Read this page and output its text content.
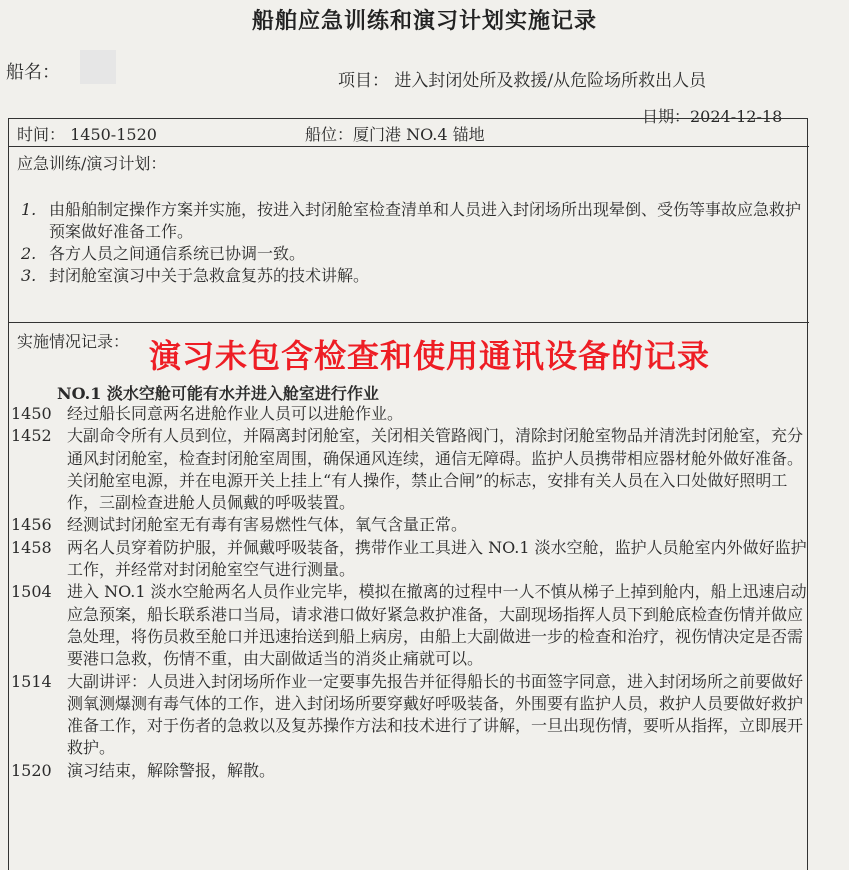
船舶应急训练和演习计划实施记录
船名：	项目： 进入封闭处所及救援/从危险场所救出人员
日期：2024-12-18
时间： 1450-1520	船位：厦门港 NO.4 锚地
应急训练/演习计划：
1. 由船舶制定操作方案并实施，按进入封闭舱室检查清单和人员进入封闭场所出现晕倒、受伤等事故应急救护预案做好准备工作。
2. 各方人员之间通信系统已协调一致。
3. 封闭舱室演习中关于急救盒复苏的技术讲解。
实施情况记录： 演习未包含检查和使用通讯设备的记录
NO.1 淡水空舱可能有水并进入舱室进行作业
1450 经过船长同意两名进舱作业人员可以进舱作业。
1452 大副命令所有人员到位，并隔离封闭舱室，关闭相关管路阀门，清除封闭舱室物品并清洗封闭舱室，充分通风封闭舱室，检查封闭舱室周围，确保通风连续，通信无障碍。监护人员携带相应器材舱外做好准备。关闭舱室电源，并在电源开关上挂上“有人操作，禁止合闸”的标志，安排有关人员在入口处做好照明工作，三副检查进舱人员佩戴的呼吸装置。
1456 经测试封闭舱室无有毒有害易燃性气体，氧气含量正常。
1458 两名人员穿着防护服，并佩戴呼吸装备，携带作业工具进入 NO.1 淡水空舱，监护人员舱室内外做好监护工作，并经常对封闭舱室空气进行测量。
1504 进入 NO.1 淡水空舱两名人员作业完毕，模拟在撤离的过程中一人不慎从梯子上掉到舱内，船上迅速启动应急预案，船长联系港口当局，请求港口做好紧急救护准备，大副现场指挥人员下到舱底检查伤情并做应急处理，将伤员救至舱口并迅速抬送到船上病房，由船上大副做进一步的检查和治疗，视伤情决定是否需要港口急救，伤情不重，由大副做适当的消炎止痛就可以。
1514 大副讲评：人员进入封闭场所作业一定要事先报告并征得船长的书面签字同意，进入封闭场所之前要做好测氧测爆测有毒气体的工作，进入封闭场所要穿戴好呼吸装备，外围要有监护人员，救护人员要做好救护准备工作，对于伤者的急救以及复苏操作方法和技术进行了讲解，一旦出现伤情，要听从指挥，立即展开救护。
1520 演习结束，解除警报，解散。
